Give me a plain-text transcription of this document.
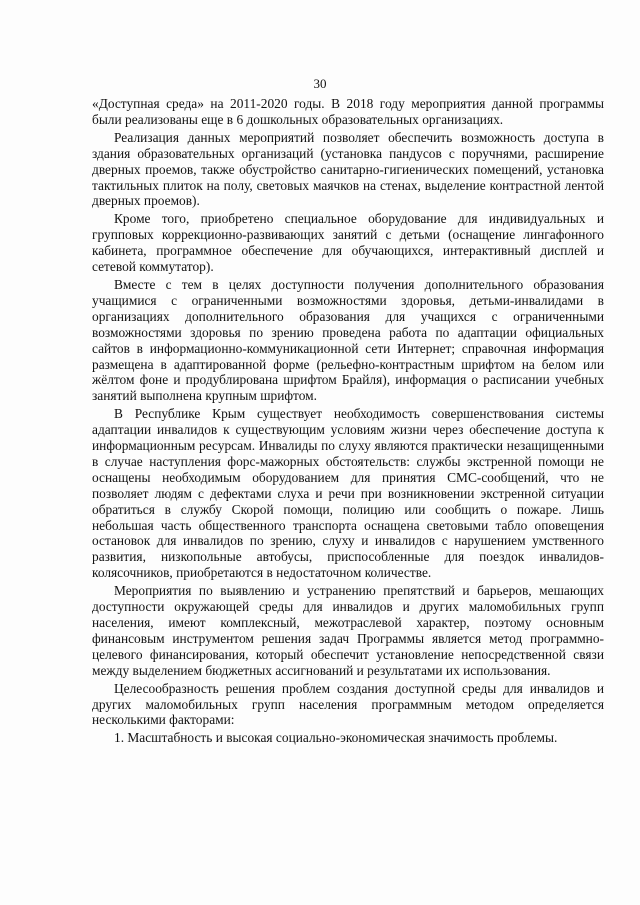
30

«Доступная среда» на 2011-2020 годы. В 2018 году мероприятия данной программы были реализованы еще в 6 дошкольных образовательных организациях.

Реализация данных мероприятий позволяет обеспечить возможность доступа в здания образовательных организаций (установка пандусов с поручнями, расширение дверных проемов, также обустройство санитарно-гигиенических помещений, установка тактильных плиток на полу, световых маячков на стенах, выделение контрастной лентой дверных проемов).

Кроме того, приобретено специальное оборудование для индивидуальных и групповых коррекционно-развивающих занятий с детьми (оснащение лингафонного кабинета, программное обеспечение для обучающихся, интерактивный дисплей и сетевой коммутатор).

Вместе с тем в целях доступности получения дополнительного образования учащимися с ограниченными возможностями здоровья, детьми-инвалидами в организациях дополнительного образования для учащихся с ограниченными возможностями здоровья по зрению проведена работа по адаптации официальных сайтов в информационно-коммуникационной сети Интернет; справочная информация размещена в адаптированной форме (рельефно-контрастным шрифтом на белом или жёлтом фоне и продублирована шрифтом Брайля), информация о расписании учебных занятий выполнена крупным шрифтом.

В Республике Крым существует необходимость совершенствования системы адаптации инвалидов к существующим условиям жизни через обеспечение доступа к информационным ресурсам. Инвалиды по слуху являются практически незащищенными в случае наступления форс-мажорных обстоятельств: службы экстренной помощи не оснащены необходимым оборудованием для принятия СМС-сообщений, что не позволяет людям с дефектами слуха и речи при возникновении экстренной ситуации обратиться в службу Скорой помощи, полицию или сообщить о пожаре. Лишь небольшая часть общественного транспорта оснащена световыми табло оповещения остановок для инвалидов по зрению, слуху и инвалидов с нарушением умственного развития, низкопольные автобусы, приспособленные для поездок инвалидов-колясочников, приобретаются в недостаточном количестве.

Мероприятия по выявлению и устранению препятствий и барьеров, мешающих доступности окружающей среды для инвалидов и других маломобильных групп населения, имеют комплексный, межотраслевой характер, поэтому основным финансовым инструментом решения задач Программы является метод программно-целевого финансирования, который обеспечит установление непосредственной связи между выделением бюджетных ассигнований и результатами их использования.

Целесообразность решения проблем создания доступной среды для инвалидов и других маломобильных групп населения программным методом определяется несколькими факторами:

1. Масштабность и высокая социально-экономическая значимость проблемы.
